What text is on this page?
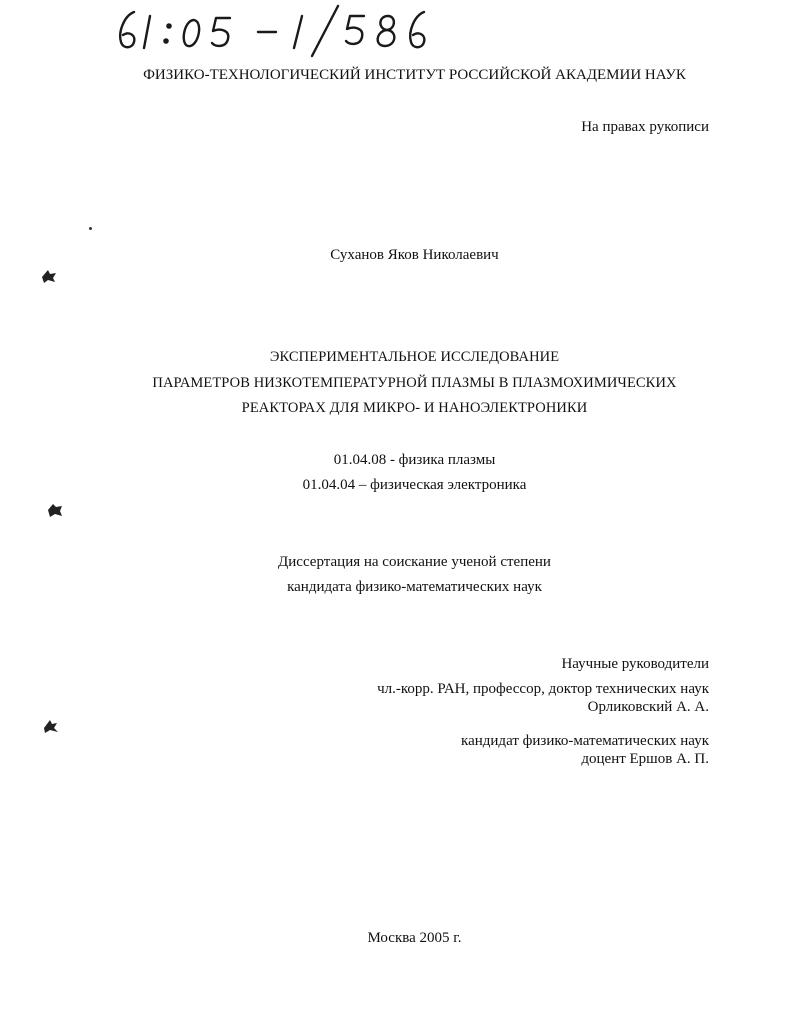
ФИЗИКО-ТЕХНОЛОГИЧЕСКИЙ ИНСТИТУТ РОССИЙСКОЙ АКАДЕМИИ НАУК
На правах рукописи
Суханов Яков Николаевич
ЭКСПЕРИМЕНТАЛЬНОЕ ИССЛЕДОВАНИЕ
ПАРАМЕТРОВ НИЗКОТЕМПЕРАТУРНОЙ ПЛАЗМЫ В ПЛАЗМОХИМИЧЕСКИХ
РЕАКТОРАХ ДЛЯ МИКРО- И НАНОЭЛЕКТРОНИКИ
01.04.08 - физика плазмы
01.04.04 – физическая электроника
Диссертация на соискание ученой степени
кандидата физико-математических наук
Научные руководители
чл.-корр. РАН, профессор, доктор технических наук
Орликовский А. А.
кандидат физико-математических наук
доцент Ершов А. П.
Москва 2005 г.
